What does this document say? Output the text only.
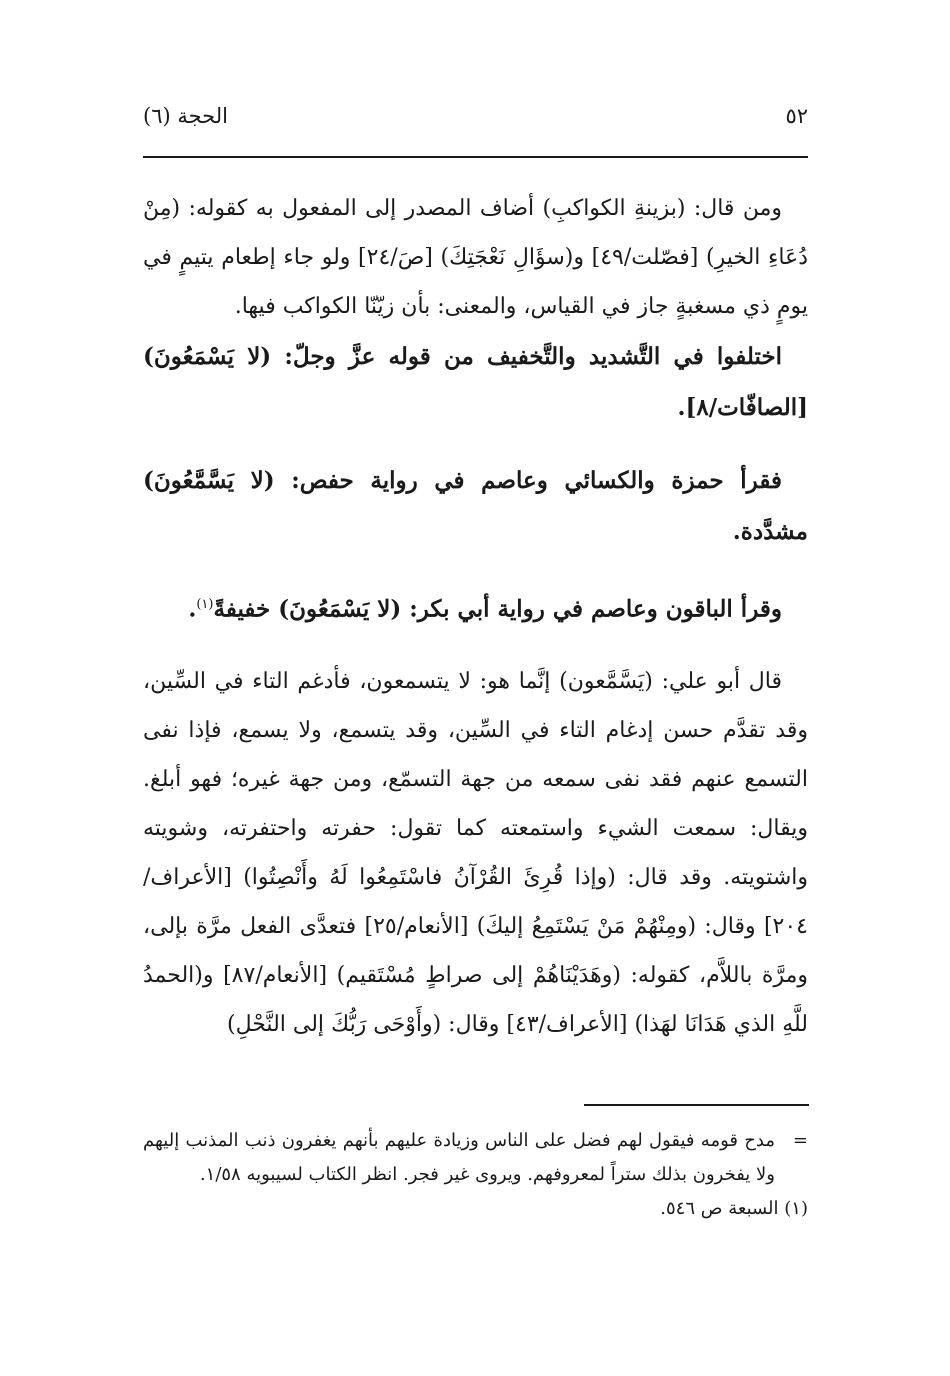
٥٢
الحجة (٦)

ومن قال: (بزينةِ الكواكبِ) أضاف المصدر إلى المفعول به كقوله: (مِنْ دُعَاءِ الخيرِ) [فصّلت/٤٩] و(سؤَالِ نَعْجَتِكَ) [صَ/٢٤] ولو جاء إطعام يتيمٍ في يومٍ ذي مسغبةٍ جاز في القياس، والمعنى: بأن زيّنّا الكواكب فيها.

اختلفوا في التَّشديد والتَّخفيف من قوله عزَّ وجلّ: (لا يَسْمَعُونَ) [الصافّات/٨].

فقرأ حمزة والكسائي وعاصم في رواية حفص: (لا يَسَّمَّعُونَ) مشدَّدة.

وقرأ الباقون وعاصم في رواية أبي بكر: (لا يَسْمَعُونَ) خفيفةً$^{(١)}$.

قال أبو علي: (يَسَّمَّعون) إنَّما هو: لا يتسمعون، فأدغم التاء في السِّين، وقد تقدَّم حسن إدغام التاء في السِّين، وقد يتسمع، ولا يسمع، فإذا نفى التسمع عنهم فقد نفى سمعه من جهة التسمّع، ومن جهة غيره؛ فهو أبلغ. ويقال: سمعت الشيء واستمعته كما تقول: حفرته واحتفرته، وشويته واشتويته. وقد قال: (وإذا قُرِئَ القُرْآنُ فاسْتَمِعُوا لَهُ وأَنْصِتُوا) [الأعراف/٢٠٤] وقال: (ومِنْهُمْ مَنْ يَسْتَمِعُ إليكَ) [الأنعام/٢٥] فتعدَّى الفعل مرَّة بإلى، ومرَّة باللاَّم، كقوله: (وهَدَيْنَاهُمْ إلى صراطٍ مُسْتَقيم) [الأنعام/٨٧] و(الحمدُ للَّهِ الذي هَدَانَا لهَذا) [الأعراف/٤٣] وقال: (وأَوْحَى رَبُّكَ إلى النَّحْلِ)

=
مدح قومه فيقول لهم فضل على الناس وزيادة عليهم بأنهم يغفرون ذنب المذنب إليهم ولا يفخرون بذلك ستراً لمعروفهم. ويروى غير فجر. انظر الكتاب لسيبويه ١/٥٨.

(١) السبعة ص ٥٤٦.
